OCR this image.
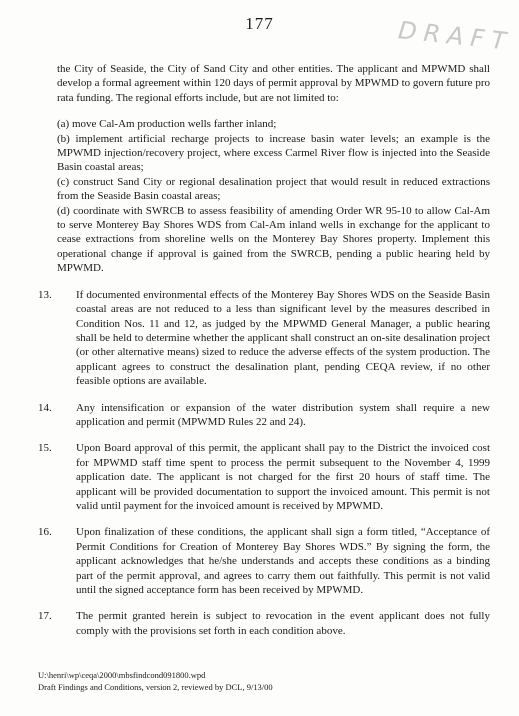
177	DRAFT

the City of Seaside, the City of Sand City and other entities. The applicant and MPWMD shall develop a formal agreement within 120 days of permit approval by MPWMD to govern future pro rata funding. The regional efforts include, but are not limited to:

(a) move Cal-Am production wells farther inland;

(b) implement artificial recharge projects to increase basin water levels; an example is the MPWMD injection/recovery project, where excess Carmel River flow is injected into the Seaside Basin coastal areas;

(c) construct Sand City or regional desalination project that would result in reduced extractions from the Seaside Basin coastal areas;

(d) coordinate with SWRCB to assess feasibility of amending Order WR 95-10 to allow Cal-Am to serve Monterey Bay Shores WDS from Cal-Am inland wells in exchange for the applicant to cease extractions from shoreline wells on the Monterey Bay Shores property. Implement this operational change if approval is gained from the SWRCB, pending a public hearing held by MPWMD.

13.	If documented environmental effects of the Monterey Bay Shores WDS on the Seaside Basin coastal areas are not reduced to a less than significant level by the measures described in Condition Nos. 11 and 12, as judged by the MPWMD General Manager, a public hearing shall be held to determine whether the applicant shall construct an on-site desalination project (or other alternative means) sized to reduce the adverse effects of the system production. The applicant agrees to construct the desalination plant, pending CEQA review, if no other feasible options are available.
14.	Any intensification or expansion of the water distribution system shall require a new application and permit (MPWMD Rules 22 and 24).
15.	Upon Board approval of this permit, the applicant shall pay to the District the invoiced cost for MPWMD staff time spent to process the permit subsequent to the November 4, 1999 application date. The applicant is not charged for the first 20 hours of staff time. The applicant will be provided documentation to support the invoiced amount. This permit is not valid until payment for the invoiced amount is received by MPWMD.
16.	Upon finalization of these conditions, the applicant shall sign a form titled, “Acceptance of Permit Conditions for Creation of Monterey Bay Shores WDS.” By signing the form, the applicant acknowledges that he/she understands and accepts these conditions as a binding part of the permit approval, and agrees to carry them out faithfully. This permit is not valid until the signed acceptance form has been received by MPWMD.
17.	The permit granted herein is subject to revocation in the event applicant does not fully comply with the provisions set forth in each condition above.
U:\henri\wp\ceqa\2000\mbsfindcond091800.wpd
Draft Findings and Conditions, version 2, reviewed by DCL, 9/13/00
